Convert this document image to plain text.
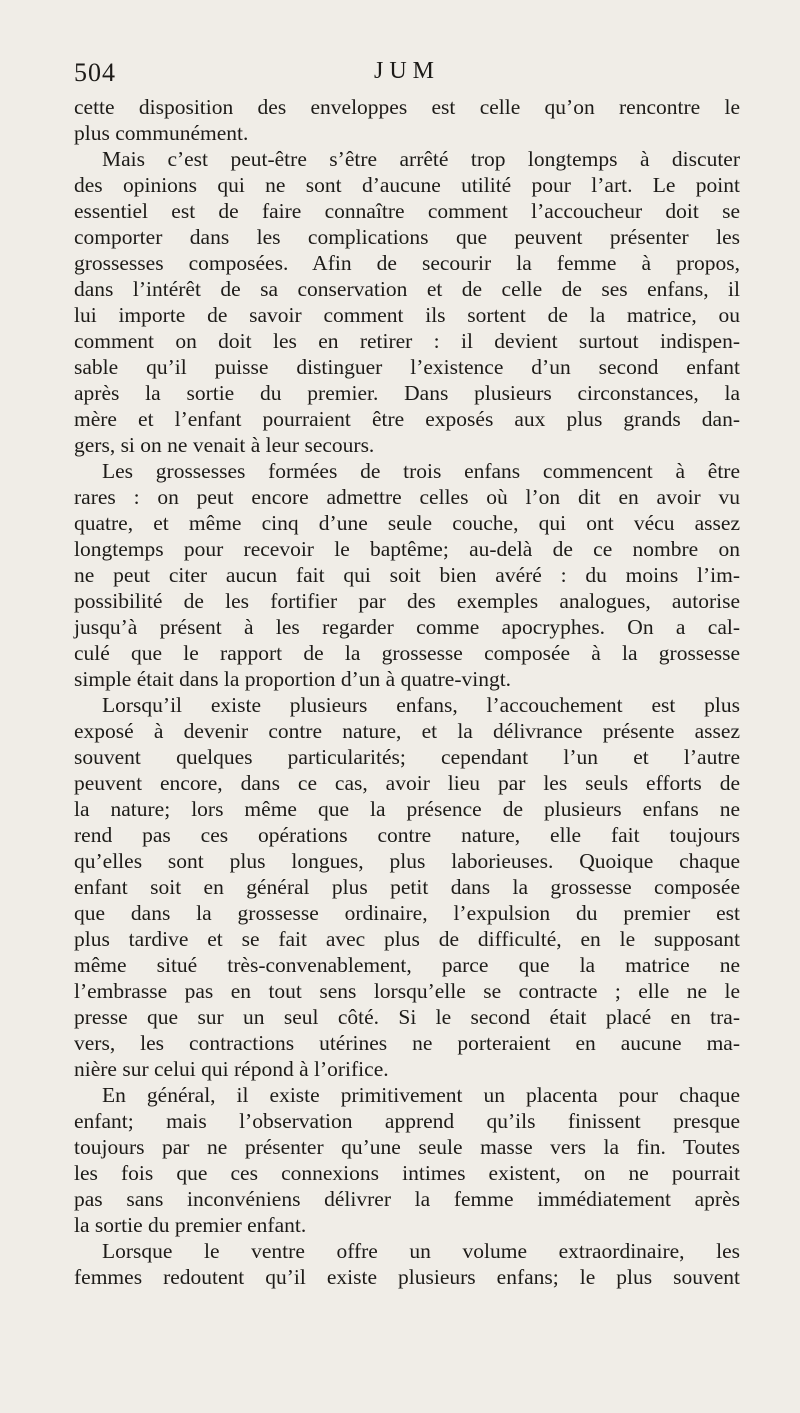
504	JUM
cette disposition des enveloppes est celle qu’on rencontre le
plus communément.
Mais c’est peut-être s’être arrêté trop longtemps à discuter
des opinions qui ne sont d’aucune utilité pour l’art. Le point
essentiel est de faire connaître comment l’accoucheur doit se
comporter dans les complications que peuvent présenter les
grossesses composées. Afin de secourir la femme à propos,
dans l’intérêt de sa conservation et de celle de ses enfans, il
lui importe de savoir comment ils sortent de la matrice, ou
comment on doit les en retirer : il devient surtout indispen-
sable qu’il puisse distinguer l’existence d’un second enfant
après la sortie du premier. Dans plusieurs circonstances, la
mère et l’enfant pourraient être exposés aux plus grands dan-
gers, si on ne venait à leur secours.
Les grossesses formées de trois enfans commencent à être
rares : on peut encore admettre celles où l’on dit en avoir vu
quatre, et même cinq d’une seule couche, qui ont vécu assez
longtemps pour recevoir le baptême; au-delà de ce nombre on
ne peut citer aucun fait qui soit bien avéré : du moins l’im-
possibilité de les fortifier par des exemples analogues, autorise
jusqu’à présent à les regarder comme apocryphes. On a cal-
culé que le rapport de la grossesse composée à la grossesse
simple était dans la proportion d’un à quatre-vingt.
Lorsqu’il existe plusieurs enfans, l’accouchement est plus
exposé à devenir contre nature, et la délivrance présente assez
souvent quelques particularités; cependant l’un et l’autre
peuvent encore, dans ce cas, avoir lieu par les seuls efforts de
la nature; lors même que la présence de plusieurs enfans ne
rend pas ces opérations contre nature, elle fait toujours
qu’elles sont plus longues, plus laborieuses. Quoique chaque
enfant soit en général plus petit dans la grossesse composée
que dans la grossesse ordinaire, l’expulsion du premier est
plus tardive et se fait avec plus de difficulté, en le supposant
même situé très-convenablement, parce que la matrice ne
l’embrasse pas en tout sens lorsqu’elle se contracte ; elle ne le
presse que sur un seul côté. Si le second était placé en tra-
vers, les contractions utérines ne porteraient en aucune ma-
nière sur celui qui répond à l’orifice.
En général, il existe primitivement un placenta pour chaque
enfant; mais l’observation apprend qu’ils finissent presque
toujours par ne présenter qu’une seule masse vers la fin. Toutes
les fois que ces connexions intimes existent, on ne pourrait
pas sans inconvéniens délivrer la femme immédiatement après
la sortie du premier enfant.
Lorsque le ventre offre un volume extraordinaire, les
femmes redoutent qu’il existe plusieurs enfans; le plus souvent
